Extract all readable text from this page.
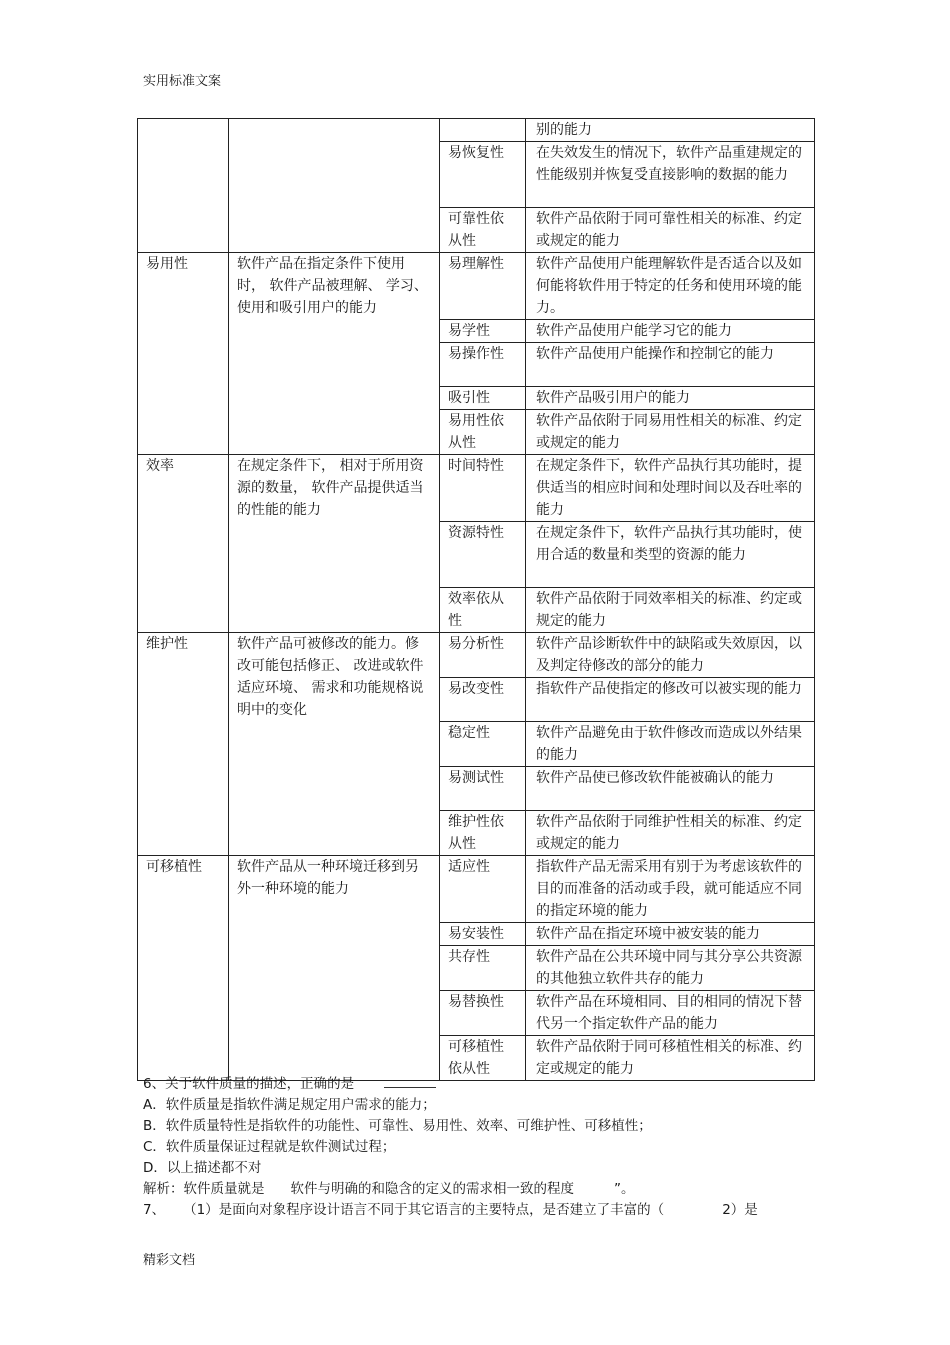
实用标准文案
			别的能力
		易恢复性	在失效发生的情况下，软件产品重建规定的性能级别并恢复受直接影响的数据的能力
		可靠性依从性	软件产品依附于同可靠性相关的标准、约定或规定的能力
易用性	软件产品在指定条件下使用时， 软件产品被理解、 学习、使用和吸引用户的能力	易理解性	软件产品使用户能理解软件是否适合以及如何能将软件用于特定的任务和使用环境的能力。
		易学性	软件产品使用户能学习它的能力
		易操作性	软件产品使用户能操作和控制它的能力
		吸引性	软件产品吸引用户的能力
		易用性依从性	软件产品依附于同易用性相关的标准、约定或规定的能力
效率	在规定条件下， 相对于所用资源的数量， 软件产品提供适当的性能的能力	时间特性	在规定条件下，软件产品执行其功能时，提供适当的相应时间和处理时间以及吞吐率的能力
		资源特性	在规定条件下，软件产品执行其功能时，使用合适的数量和类型的资源的能力
		效率依从性	软件产品依附于同效率相关的标准、约定或规定的能力
维护性	软件产品可被修改的能力。修改可能包括修正、 改进或软件适应环境、 需求和功能规格说明中的变化	易分析性	软件产品诊断软件中的缺陷或失效原因，以及判定待修改的部分的能力
		易改变性	指软件产品使指定的修改可以被实现的能力
		稳定性	软件产品避免由于软件修改而造成以外结果的能力
		易测试性	软件产品使已修改软件能被确认的能力
		维护性依从性	软件产品依附于同维护性相关的标准、约定或规定的能力
可移植性	软件产品从一种环境迁移到另外一种环境的能力	适应性	指软件产品无需采用有别于为考虑该软件的目的而准备的活动或手段，就可能适应不同的指定环境的能力
		易安装性	软件产品在指定环境中被安装的能力
		共存性	软件产品在公共环境中同与其分享公共资源的其他独立软件共存的能力
		易替换性	软件产品在环境相同、目的相同的情况下替代另一个指定软件产品的能力
		可移植性依从性	软件产品依附于同可移植性相关的标准、约定或规定的能力
6、关于软件质量的描述，正确的是
A．软件质量是指软件满足规定用户需求的能力；
B．软件质量特性是指软件的功能性、可靠性、易用性、效率、可维护性、可移植性；
C．软件质量保证过程就是软件测试过程；
D．以上描述都不对
解析：软件质量就是 软件与明确的和隐含的定义的需求相一致的程度	”。
7、 （1）是面向对象程序设计语言不同于其它语言的主要特点，是否建立了丰富的（	2）是
精彩文档
